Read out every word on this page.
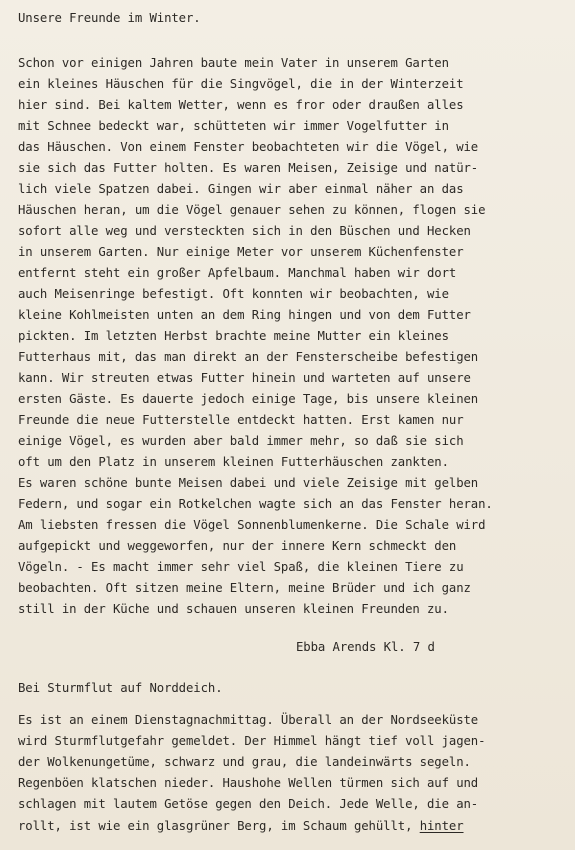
Unsere Freunde im Winter.
Schon vor einigen Jahren baute mein Vater in unserem Garten
ein kleines Häuschen für die Singvögel, die in der Winterzeit
hier sind. Bei kaltem Wetter, wenn es fror oder draußen alles
mit Schnee bedeckt war, schütteten wir immer Vogelfutter in
das Häuschen. Von einem Fenster beobachteten wir die Vögel, wie
sie sich das Futter holten. Es waren Meisen, Zeisige und natür-
lich viele Spatzen dabei. Gingen wir aber einmal näher an das
Häuschen heran, um die Vögel genauer sehen zu können, flogen sie
sofort alle weg und versteckten sich in den Büschen und Hecken
in unserem Garten. Nur einige Meter vor unserem Küchenfenster
entfernt steht ein großer Apfelbaum. Manchmal haben wir dort
auch Meisenringe befestigt. Oft konnten wir beobachten, wie
kleine Kohlmeisten unten an dem Ring hingen und von dem Futter
pickten. Im letzten Herbst brachte meine Mutter ein kleines
Futterhaus mit, das man direkt an der Fensterscheibe befestigen
kann. Wir streuten etwas Futter hinein und warteten auf unsere
ersten Gäste. Es dauerte jedoch einige Tage, bis unsere kleinen
Freunde die neue Futterstelle entdeckt hatten. Erst kamen nur
einige Vögel, es wurden aber bald immer mehr, so daß sie sich
oft um den Platz in unserem kleinen Futterhäuschen zankten.
Es waren schöne bunte Meisen dabei und viele Zeisige mit gelben
Federn, und sogar ein Rotkelchen wagte sich an das Fenster heran.
Am liebsten fressen die Vögel Sonnenblumenkerne. Die Schale wird
aufgepickt und weggeworfen, nur der innere Kern schmeckt den
Vögeln. - Es macht immer sehr viel Spaß, die kleinen Tiere zu
beobachten. Oft sitzen meine Eltern, meine Brüder und ich ganz
still in der Küche und schauen unseren kleinen Freunden zu.
Ebba Arends Kl. 7 d
Bei Sturmflut auf Norddeich.
Es ist an einem Dienstagnachmittag. Überall an der Nordseeküste
wird Sturmflutgefahr gemeldet. Der Himmel hängt tief voll jagen-
der Wolkenungetüme, schwarz und grau, die landeinwärts segeln.
Regenböen klatschen nieder. Haushohe Wellen türmen sich auf und
schlagen mit lautem Getöse gegen den Deich. Jede Welle, die an-
rollt, ist wie ein glasgrüner Berg, im Schaum gehüllt, hinter
